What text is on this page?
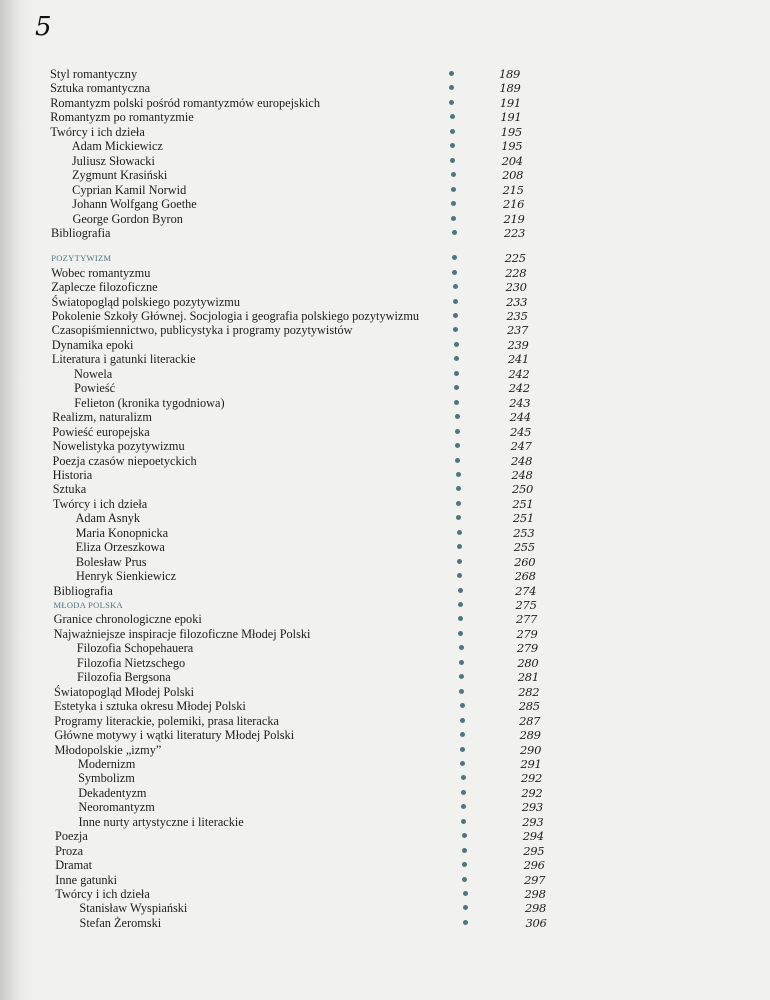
5
Styl romantyczny	189
Sztuka romantyczna	189
Romantyzm polski pośród romantyzmów europejskich	191
Romantyzm po romantyzmie	191
Twórcy i ich dzieła	195
Adam Mickiewicz	195
Juliusz Słowacki	204
Zygmunt Krasiński	208
Cyprian Kamil Norwid	215
Johann Wolfgang Goethe	216
George Gordon Byron	219
Bibliografia	223
POZYTYWIZM	225
Wobec romantyzmu	228
Zaplecze filozoficzne	230
Światopogląd polskiego pozytywizmu	233
Pokolenie Szkoły Głównej. Socjologia i geografia polskiego pozytywizmu	235
Czasopiśmiennictwo, publicystyka i programy pozytywistów	237
Dynamika epoki	239
Literatura i gatunki literackie	241
Nowela	242
Powieść	242
Felieton (kronika tygodniowa)	243
Realizm, naturalizm	244
Powieść europejska	245
Nowelistyka pozytywizmu	247
Poezja czasów niepoetyckich	248
Historia	248
Sztuka	250
Twórcy i ich dzieła	251
Adam Asnyk	251
Maria Konopnicka	253
Eliza Orzeszkowa	255
Bolesław Prus	260
Henryk Sienkiewicz	268
Bibliografia	274
MŁODA POLSKA	275
Granice chronologiczne epoki	277
Najważniejsze inspiracje filozoficzne Młodej Polski	279
Filozofia Schopehauera	279
Filozofia Nietzschego	280
Filozofia Bergsona	281
Światopogląd Młodej Polski	282
Estetyka i sztuka okresu Młodej Polski	285
Programy literackie, polemiki, prasa literacka	287
Główne motywy i wątki literatury Młodej Polski	289
Młodopolskie „izmy”	290
Modernizm	291
Symbolizm	292
Dekadentyzm	292
Neoromantyzm	293
Inne nurty artystyczne i literackie	293
Poezja	294
Proza	295
Dramat	296
Inne gatunki	297
Twórcy i ich dzieła	298
Stanisław Wyspiański	298
Stefan Żeromski	306
